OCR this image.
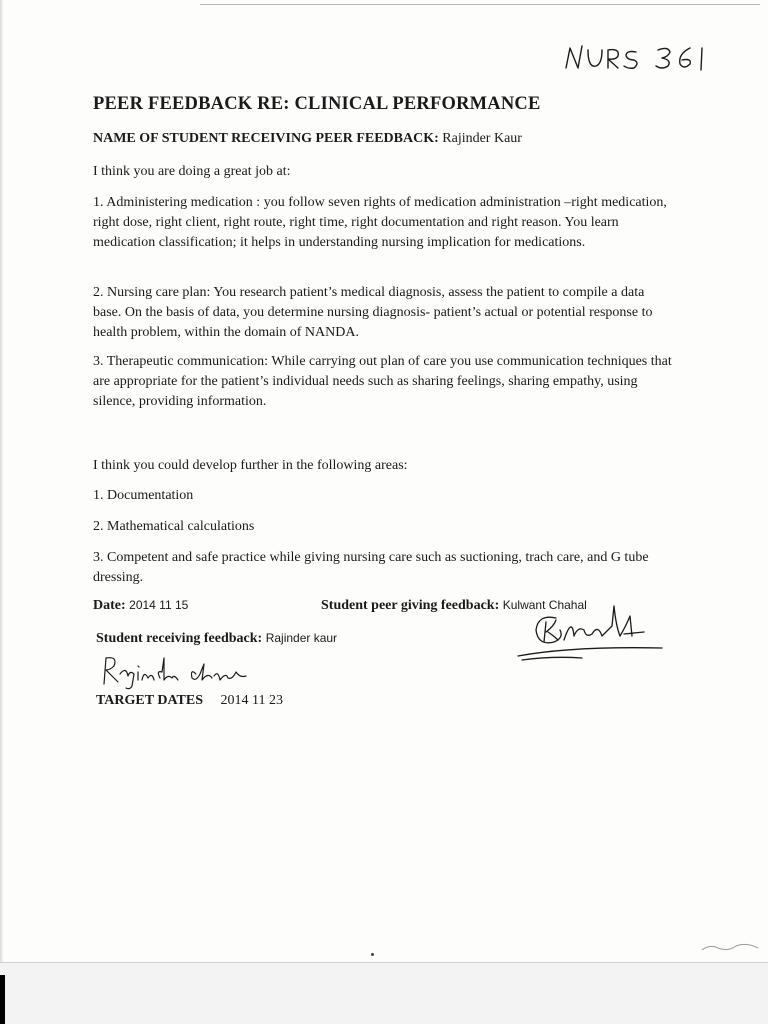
PEER FEEDBACK RE: CLINICAL PERFORMANCE
NAME OF STUDENT RECEIVING PEER FEEDBACK: Rajinder Kaur
I think you are doing a great job at:
1. Administering medication : you follow seven rights of medication administration –right medication, right dose, right client, right route, right time, right documentation and right reason. You learn medication classification; it helps in understanding nursing implication for medications.
2. Nursing care plan: You research patient’s medical diagnosis, assess the patient to compile a data base. On the basis of data, you determine nursing diagnosis- patient’s actual or potential response to health problem, within the domain of NANDA.
3. Therapeutic communication: While carrying out plan of care you use communication techniques that are appropriate for the patient’s individual needs such as sharing feelings, sharing empathy, using silence, providing information.
I think you could develop further in the following areas:
1. Documentation
2. Mathematical calculations
3. Competent and safe practice while giving nursing care such as suctioning, trach care, and G tube dressing.
Date: 2014 11 15	Student peer giving feedback: Kulwant Chahal
Student receiving feedback: Rajinder kaur
TARGET DATES 2014 11 23
